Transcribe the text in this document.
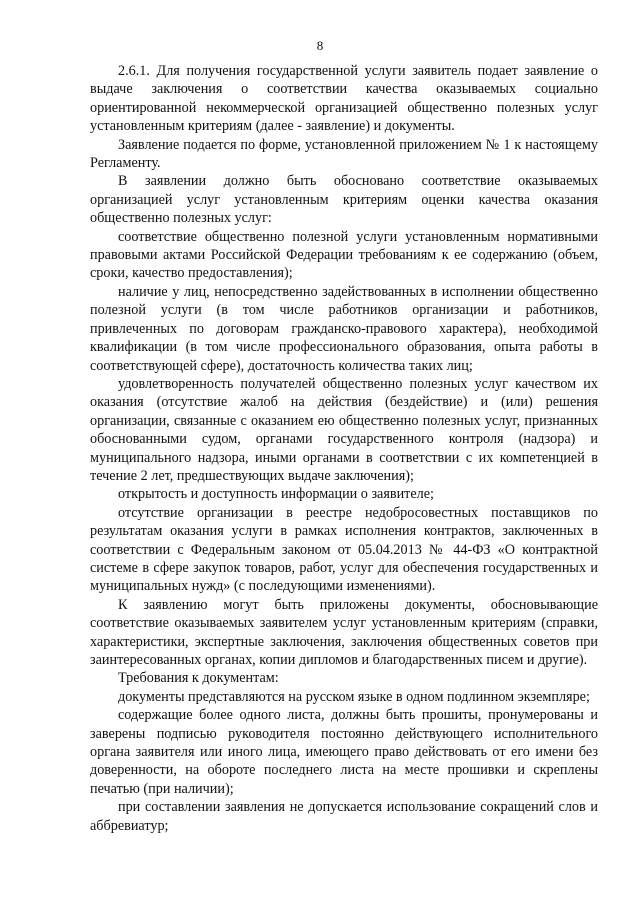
8

2.6.1. Для получения государственной услуги заявитель подает заявление о выдаче заключения о соответствии качества оказываемых социально ориентированной некоммерческой организацией общественно полезных услуг установленным критериям (далее - заявление) и документы.

Заявление подается по форме, установленной приложением № 1 к настоящему Регламенту.

В заявлении должно быть обосновано соответствие оказываемых организацией услуг установленным критериям оценки качества оказания общественно полезных услуг:

соответствие общественно полезной услуги установленным нормативными правовыми актами Российской Федерации требованиям к ее содержанию (объем, сроки, качество предоставления);

наличие у лиц, непосредственно задействованных в исполнении общественно полезной услуги (в том числе работников организации и работников, привлеченных по договорам гражданско-правового характера), необходимой квалификации (в том числе профессионального образования, опыта работы в соответствующей сфере), достаточность количества таких лиц;

удовлетворенность получателей общественно полезных услуг качеством их оказания (отсутствие жалоб на действия (бездействие) и (или) решения организации, связанные с оказанием ею общественно полезных услуг, признанных обоснованными судом, органами государственного контроля (надзора) и муниципального надзора, иными органами в соответствии с их компетенцией в течение 2 лет, предшествующих выдаче заключения);

открытость и доступность информации о заявителе;

отсутствие организации в реестре недобросовестных поставщиков по результатам оказания услуги в рамках исполнения контрактов, заключенных в соответствии с Федеральным законом от 05.04.2013 № 44-ФЗ «О контрактной системе в сфере закупок товаров, работ, услуг для обеспечения государственных и муниципальных нужд» (с последующими изменениями).

К заявлению могут быть приложены документы, обосновывающие соответствие оказываемых заявителем услуг установленным критериям (справки, характеристики, экспертные заключения, заключения общественных советов при заинтересованных органах, копии дипломов и благодарственных писем и другие).

Требования к документам:

документы представляются на русском языке в одном подлинном экземпляре;

содержащие более одного листа, должны быть прошиты, пронумерованы и заверены подписью руководителя постоянно действующего исполнительного органа заявителя или иного лица, имеющего право действовать от его имени без доверенности, на обороте последнего листа на месте прошивки и скреплены печатью (при наличии);

при составлении заявления не допускается использование сокращений слов и аббревиатур;
